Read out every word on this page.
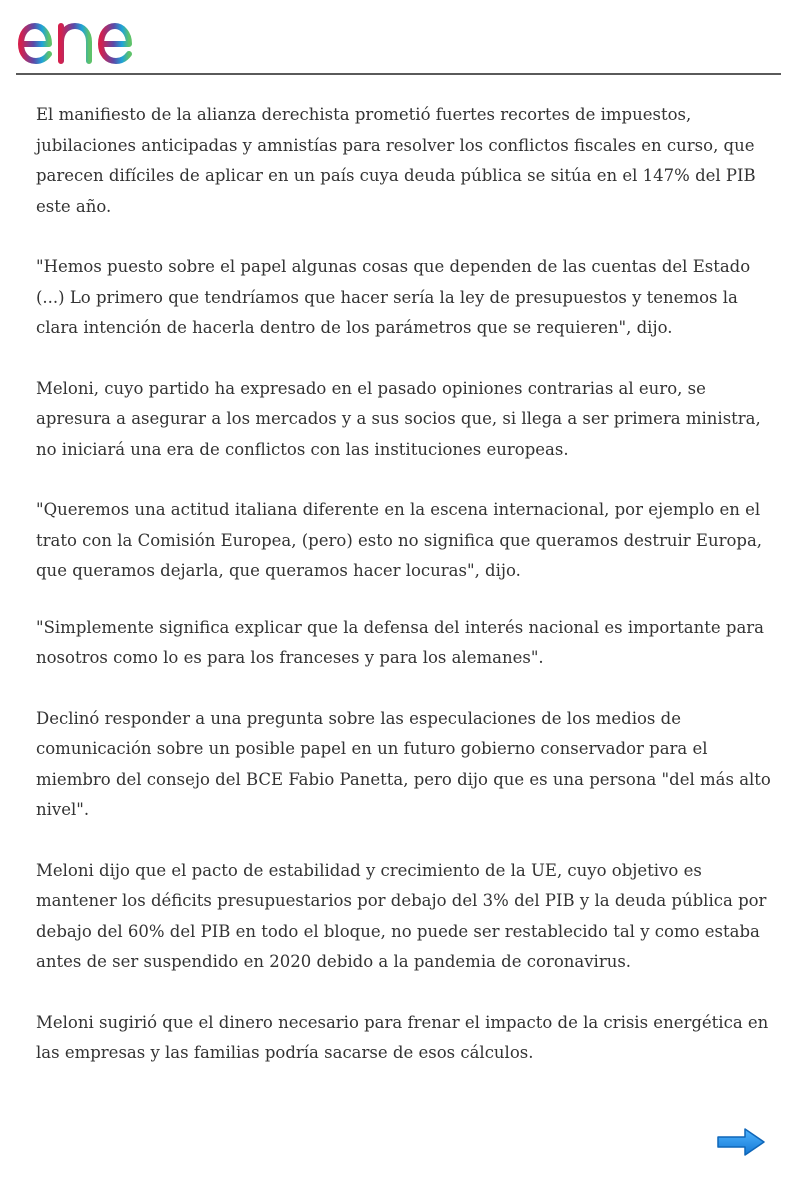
El manifiesto de la alianza derechista prometió fuertes recortes de impuestos, jubilaciones anticipadas y amnistías para resolver los conflictos fiscales en curso, que parecen difíciles de aplicar en un país cuya deuda pública se sitúa en el 147% del PIB este año.

"Hemos puesto sobre el papel algunas cosas que dependen de las cuentas del Estado (...) Lo primero que tendríamos que hacer sería la ley de presupuestos y tenemos la clara intención de hacerla dentro de los parámetros que se requieren", dijo.

Meloni, cuyo partido ha expresado en el pasado opiniones contrarias al euro, se apresura a asegurar a los mercados y a sus socios que, si llega a ser primera ministra, no iniciará una era de conflictos con las instituciones europeas.

"Queremos una actitud italiana diferente en la escena internacional, por ejemplo en el trato con la Comisión Europea, (pero) esto no significa que queramos destruir Europa, que queramos dejarla, que queramos hacer locuras", dijo.

"Simplemente significa explicar que la defensa del interés nacional es importante para nosotros como lo es para los franceses y para los alemanes".

Declinó responder a una pregunta sobre las especulaciones de los medios de comunicación sobre un posible papel en un futuro gobierno conservador para el miembro del consejo del BCE Fabio Panetta, pero dijo que es una persona "del más alto nivel".

Meloni dijo que el pacto de estabilidad y crecimiento de la UE, cuyo objetivo es mantener los déficits presupuestarios por debajo del 3% del PIB y la deuda pública por debajo del 60% del PIB en todo el bloque, no puede ser restablecido tal y como estaba antes de ser suspendido en 2020 debido a la pandemia de coronavirus.

Meloni sugirió que el dinero necesario para frenar el impacto de la crisis energética en las empresas y las familias podría sacarse de esos cálculos.
